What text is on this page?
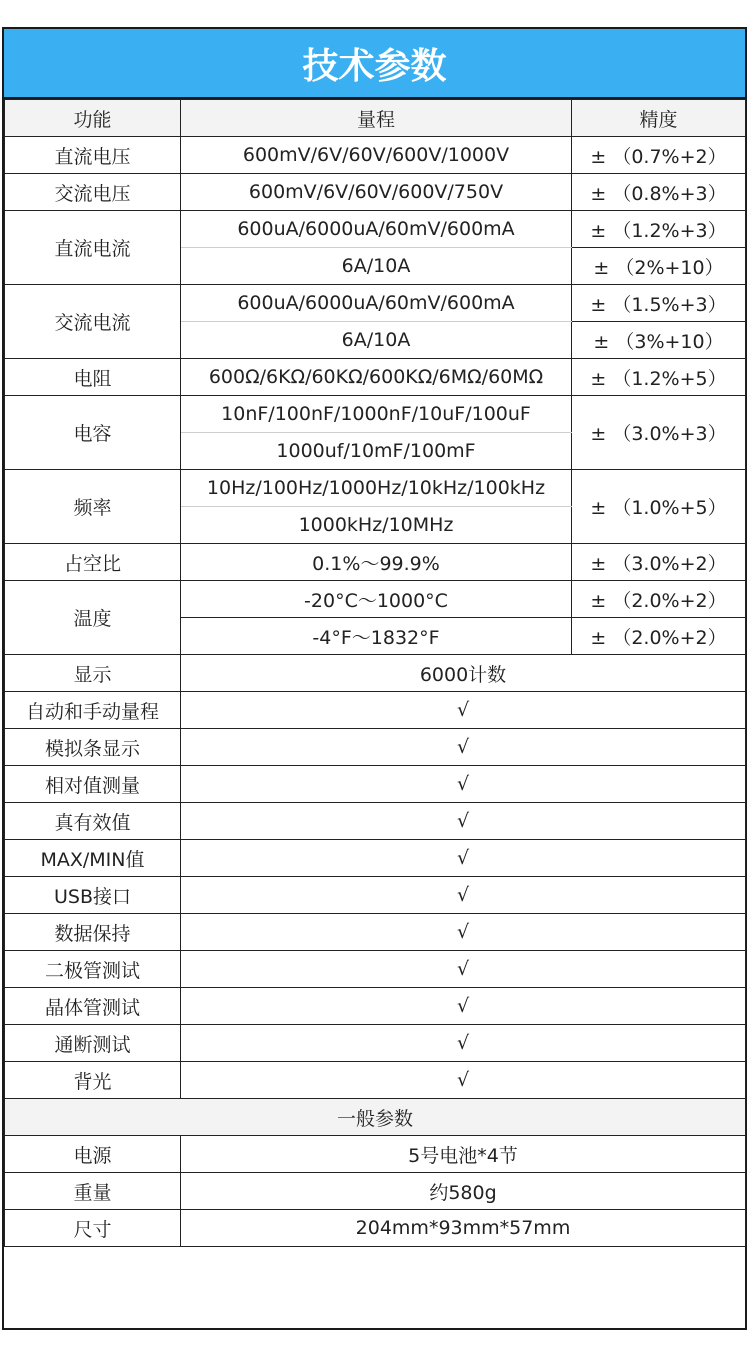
技术参数
功能	量程	精度
直流电压	600mV/6V/60V/600V/1000V	± （0.7%+2）
交流电压	600mV/6V/60V/600V/750V	± （0.8%+3）
直流电流	600uA/6000uA/60mV/600mA	± （1.2%+3）
	6A/10A	± （2%+10）
交流电流	600uA/6000uA/60mV/600mA	± （1.5%+3）
	6A/10A	± （3%+10）
电阻	600Ω/6KΩ/60KΩ/600KΩ/6MΩ/60MΩ	± （1.2%+5）
电容	10nF/100nF/1000nF/10uF/100uF	± （3.0%+3）
	1000uf/10mF/100mF	
频率	10Hz/100Hz/1000Hz/10kHz/100kHz	± （1.0%+5）
	1000kHz/10MHz	
占空比	0.1%～99.9%	± （3.0%+2）
温度	-20°C～1000°C	± （2.0%+2）
	-4°F～1832°F	± （2.0%+2）
显示	6000计数	
自动和手动量程	√	
模拟条显示	√	
相对值测量	√	
真有效值	√	
MAX/MIN值	√	
USB接口	√	
数据保持	√	
二极管测试	√	
晶体管测试	√	
通断测试	√	
背光	√	
一般参数		
电源	5号电池*4节	
重量	约580g	
尺寸	204mm*93mm*57mm	
